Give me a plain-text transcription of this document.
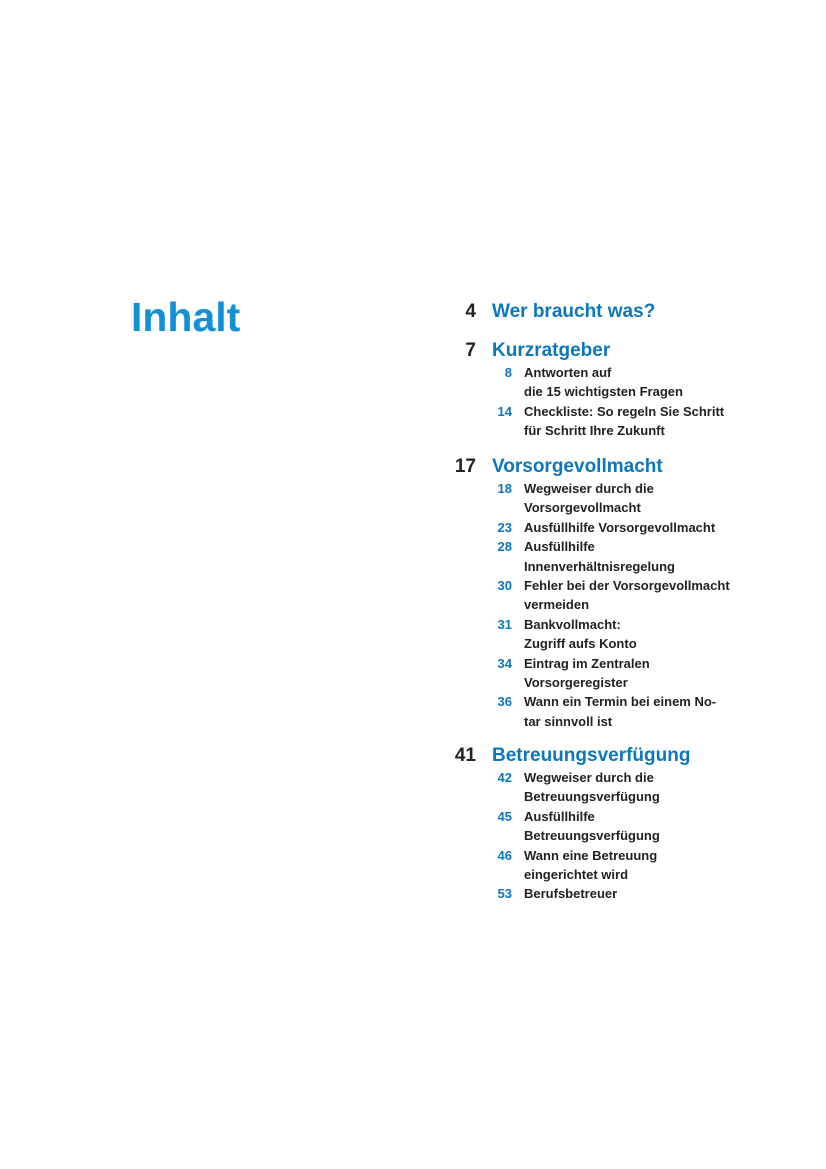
Inhalt	4 Wer braucht was?
7 Kurzratgeber
8 Antworten auf
die 15 wichtigsten Fragen
14 Checkliste: So regeln Sie Schritt
für Schritt Ihre Zukunft
17 Vorsorgevollmacht
18 Wegweiser durch die
Vorsorgevollmacht
23 Ausfüllhilfe Vorsorgevollmacht
28 Ausfüllhilfe
Innenverhältnisregelung
30 Fehler bei der Vorsorgevollmacht
vermeiden
31 Bankvollmacht:
Zugriff aufs Konto
34 Eintrag im Zentralen
Vorsorgeregister
36 Wann ein Termin bei einem No-
tar sinnvoll ist
41 Betreuungsverfügung
42 Wegweiser durch die
Betreuungsverfügung
45 Ausfüllhilfe
Betreuungsverfügung
46 Wann eine Betreuung
eingerichtet wird
53 Berufsbetreuer
